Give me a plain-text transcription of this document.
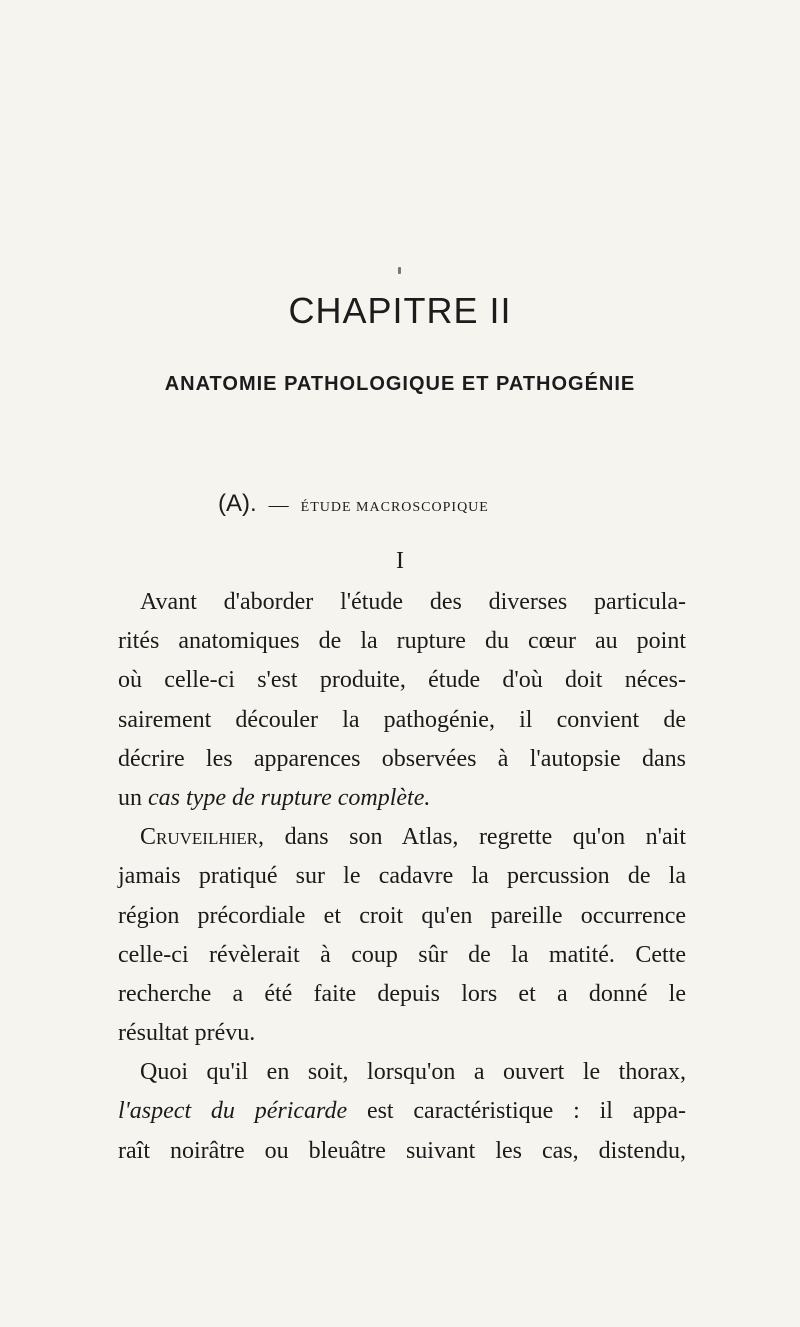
CHAPITRE II
ANATOMIE PATHOLOGIQUE ET PATHOGÉNIE
(A). — ÉTUDE MACROSCOPIQUE
I
Avant d'aborder l'étude des diverses particula-
rités anatomiques de la rupture du cœur au point
où celle-ci s'est produite, étude d'où doit néces-
sairement découler la pathogénie, il convient de
décrire les apparences observées à l'autopsie dans
un cas type de rupture complète.
Cruveilhier, dans son Atlas, regrette qu'on n'ait
jamais pratiqué sur le cadavre la percussion de la
région précordiale et croit qu'en pareille occurrence
celle-ci révèlerait à coup sûr de la matité. Cette
recherche a été faite depuis lors et a donné le
résultat prévu.
Quoi qu'il en soit, lorsqu'on a ouvert le thorax,
l'aspect du péricarde est caractéristique : il appa-
raît noirâtre ou bleuâtre suivant les cas, distendu,
